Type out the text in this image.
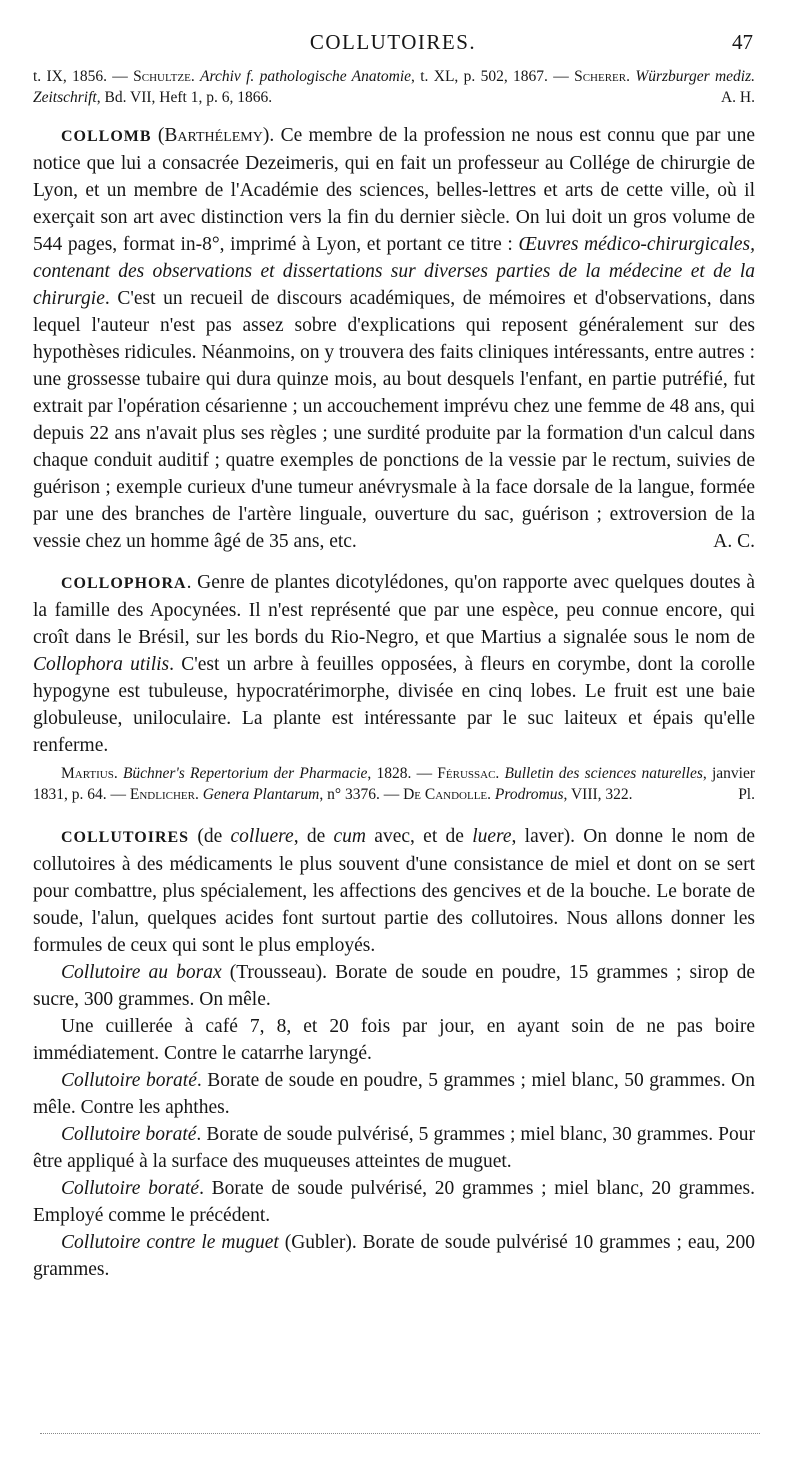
COLLUTOIRES.	47

t. IX, 1856. — Schultze. Archiv f. pathologische Anatomie, t. XL, p. 502, 1867. — Scherer. Würzburger mediz. Zeitschrift, Bd. VII, Heft 1, p. 6, 1866.	A. H.

COLLOMB (Barthélemy). Ce membre de la profession ne nous est connu que par une notice que lui a consacrée Dezeimeris, qui en fait un professeur au Collége de chirurgie de Lyon, et un membre de l'Académie des sciences, belles-lettres et arts de cette ville, où il exerçait son art avec distinction vers la fin du dernier siècle. On lui doit un gros volume de 544 pages, format in-8°, imprimé à Lyon, et portant ce titre : Œuvres médico-chirurgicales, contenant des observations et dissertations sur diverses parties de la médecine et de la chirurgie. C'est un recueil de discours académiques, de mémoires et d'observations, dans lequel l'auteur n'est pas assez sobre d'explications qui reposent généralement sur des hypothèses ridicules. Néanmoins, on y trouvera des faits cliniques intéressants, entre autres : une grossesse tubaire qui dura quinze mois, au bout desquels l'enfant, en partie putréfié, fut extrait par l'opération césarienne ; un accouchement imprévu chez une femme de 48 ans, qui depuis 22 ans n'avait plus ses règles ; une surdité produite par la formation d'un calcul dans chaque conduit auditif ; quatre exemples de ponctions de la vessie par le rectum, suivies de guérison ; exemple curieux d'une tumeur anévrysmale à la face dorsale de la langue, formée par une des branches de l'artère linguale, ouverture du sac, guérison ; extroversion de la vessie chez un homme âgé de 35 ans, etc.	A. C.

COLLOPHORA. Genre de plantes dicotylédones, qu'on rapporte avec quelques doutes à la famille des Apocynées. Il n'est représenté que par une espèce, peu connue encore, qui croît dans le Brésil, sur les bords du Rio-Negro, et que Martius a signalée sous le nom de Collophora utilis. C'est un arbre à feuilles opposées, à fleurs en corymbe, dont la corolle hypogyne est tubuleuse, hypocratérimorphe, divisée en cinq lobes. Le fruit est une baie globuleuse, uniloculaire. La plante est intéressante par le suc laiteux et épais qu'elle renferme.

Martius. Büchner's Repertorium der Pharmacie, 1828. — Férussac. Bulletin des sciences naturelles, janvier 1831, p. 64. — Endlicher. Genera Plantarum, n° 3376. — De Candolle. Prodromus, VIII, 322.	Pl.

COLLUTOIRES (de colluere, de cum avec, et de luere, laver). On donne le nom de collutoires à des médicaments le plus souvent d'une consistance de miel et dont on se sert pour combattre, plus spécialement, les affections des gencives et de la bouche. Le borate de soude, l'alun, quelques acides font surtout partie des collutoires. Nous allons donner les formules de ceux qui sont le plus employés.

Collutoire au borax (Trousseau). Borate de soude en poudre, 15 grammes ; sirop de sucre, 300 grammes. On mêle.

Une cuillerée à café 7, 8, et 20 fois par jour, en ayant soin de ne pas boire immédiatement. Contre le catarrhe laryngé.

Collutoire boraté. Borate de soude en poudre, 5 grammes ; miel blanc, 50 grammes. On mêle. Contre les aphthes.

Collutoire boraté. Borate de soude pulvérisé, 5 grammes ; miel blanc, 30 grammes. Pour être appliqué à la surface des muqueuses atteintes de muguet.

Collutoire boraté. Borate de soude pulvérisé, 20 grammes ; miel blanc, 20 grammes. Employé comme le précédent.

Collutoire contre le muguet (Gubler). Borate de soude pulvérisé 10 grammes ; eau, 200 grammes.
